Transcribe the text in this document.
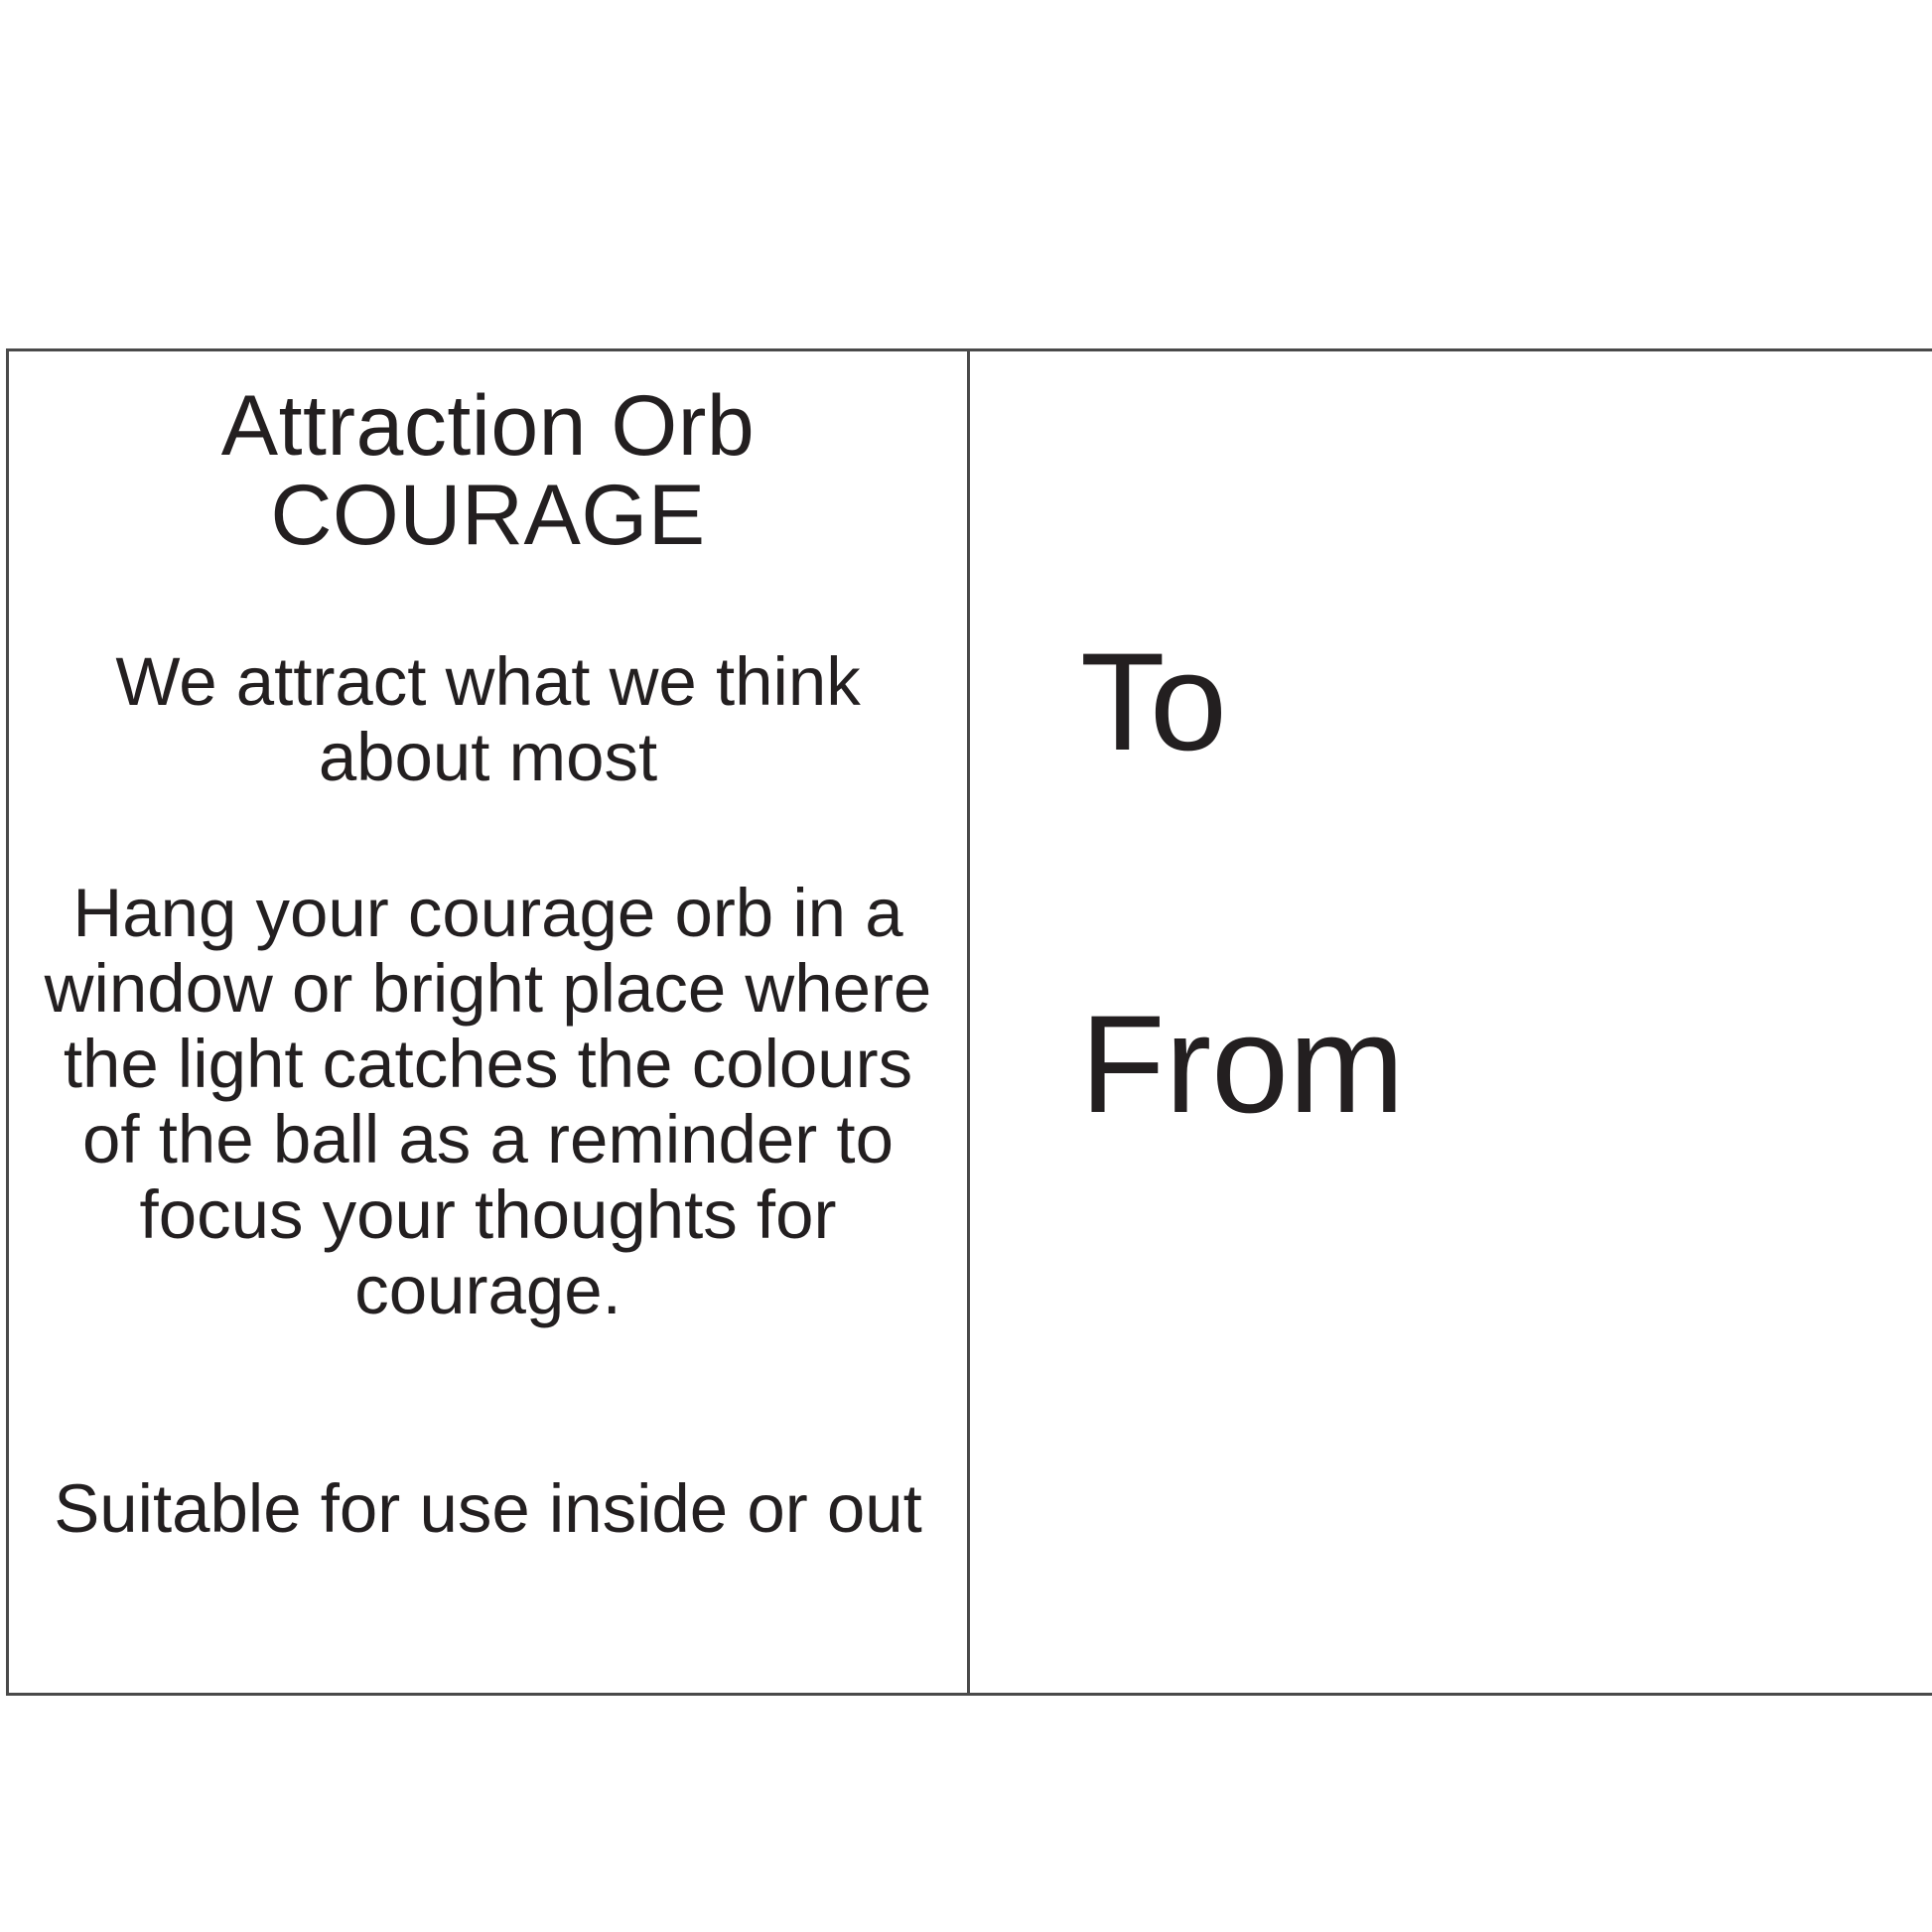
Attraction Orb
COURAGE
We attract what we think
about most
Hang your courage orb in a
window or bright place where
the light catches the colours
of the ball as a reminder to
focus your thoughts for
courage.
Suitable for use inside or out
To
From
